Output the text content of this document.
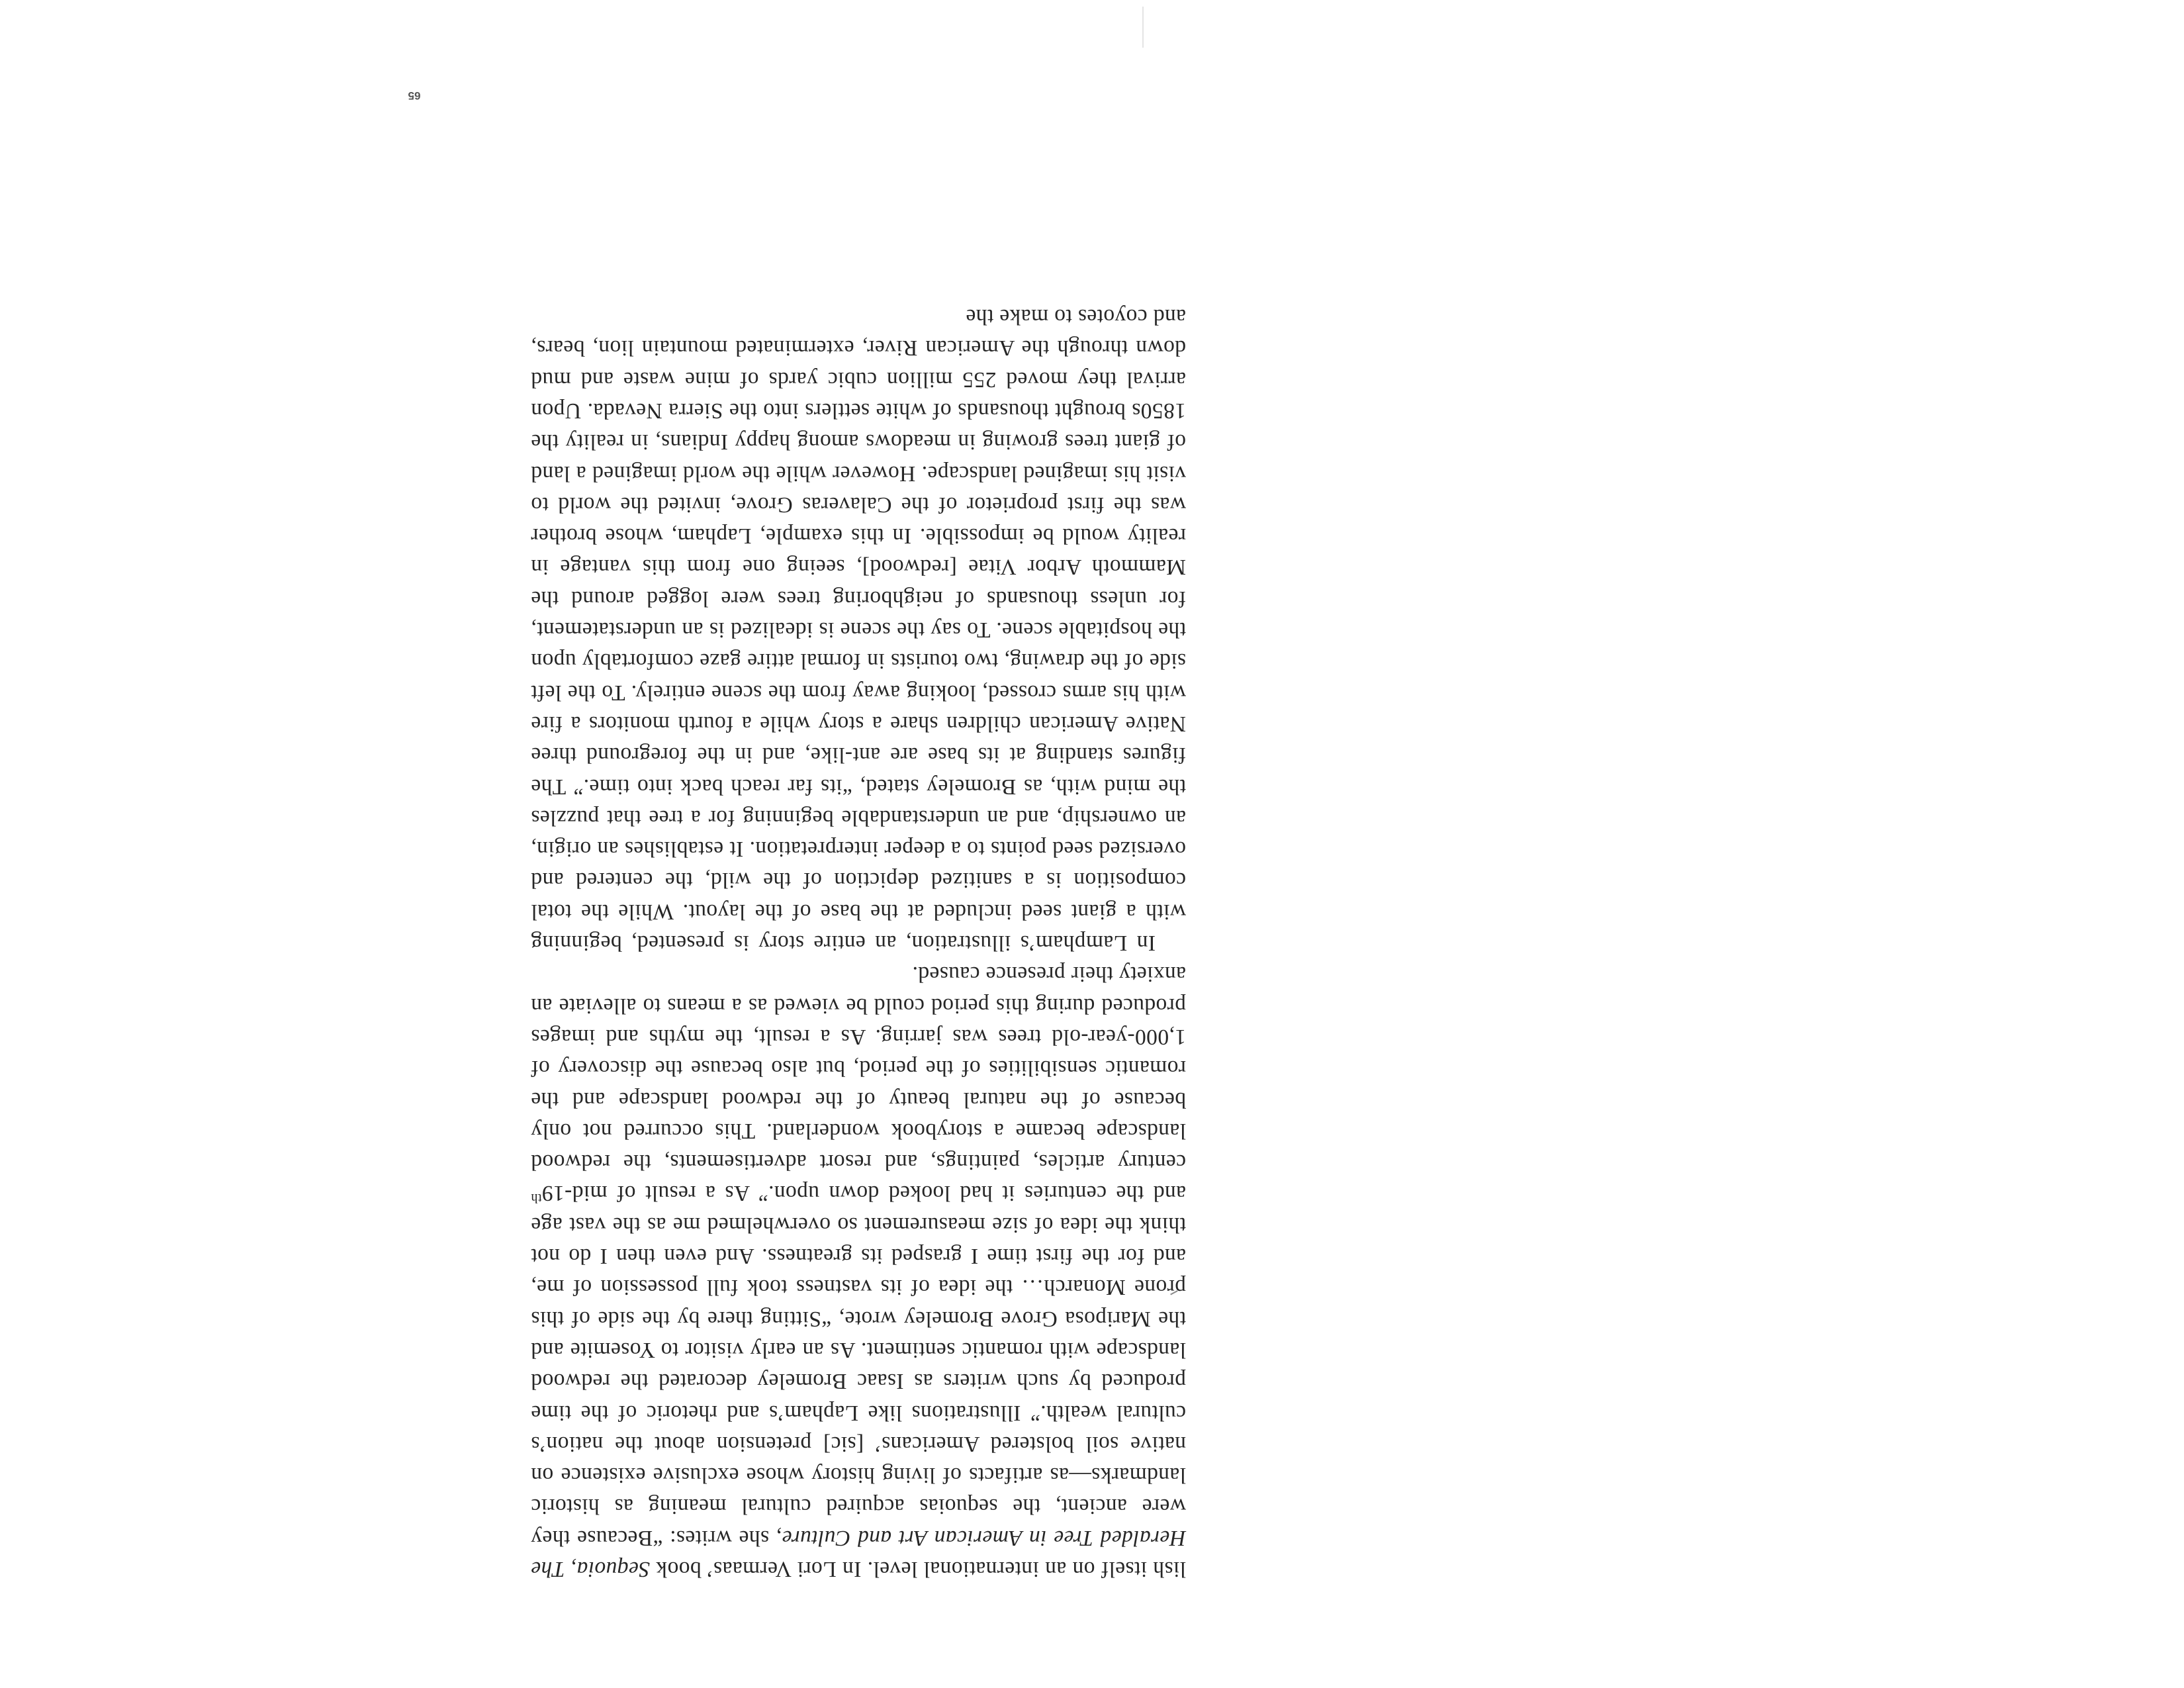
lish itself on an international level. In Lori Vermaas’ book Sequoia, The Heralded Tree in American Art and Culture, she writes: “Because they were ancient, the sequoias acquired cultural meaning as historic landmarks—as artifacts of living history whose exclusive existence on native soil bolstered Americans’ [sic] pretension about the nation’s cultural wealth.” Illustrations like Lapham’s and rhetoric of the time produced by such writers as Isaac Bromeley decorated the redwood landscape with romantic sentiment. As an early visitor to Yosemite and the Mariposa Grove Bromeley wrote, “Sitting there by the side of this prone Monarch… the idea of its vastness took full possession of me, and for the first time I grasped its greatness. And even then I do not think the idea of size measurement so overwhelmed me as the vast age and the centuries it had looked down upon.” As a result of mid-19th century articles, paintings, and resort advertisements, the redwood landscape became a storybook wonderland. This occurred not only because of the natural beauty of the redwood landscape and the romantic sensibilities of the period, but also because the discovery of 1,000-year-old trees was jarring. As a result, the myths and images produced during this period could be viewed as a means to alleviate an anxiety their presence caused.

In Lampham’s illustration, an entire story is presented, beginning with a giant seed included at the base of the layout. While the total composition is a sanitized depiction of the wild, the centered and oversized seed points to a deeper interpretation. It establishes an origin, an ownership, and an understandable beginning for a tree that puzzles the mind with, as Bromeley stated, “its far reach back into time.” The figures standing at its base are ant-like, and in the foreground three Native American children share a story while a fourth monitors a fire with his arms crossed, looking away from the scene entirely. To the left side of the drawing, two tourists in formal attire gaze comfortably upon the hospitable scene. To say the scene is idealized is an understatement, for unless thousands of neighboring trees were logged around the Mammoth Arbor Vitae [redwood], seeing one from this vantage in reality would be impossible. In this example, Lapham, whose brother was the first proprietor of the Calaveras Grove, invited the world to visit his imagined landscape. However while the world imagined a land of giant trees growing in meadows among happy Indians, in reality the 1850s brought thousands of white settlers into the Sierra Nevada. Upon arrival they moved 255 million cubic yards of mine waste and mud down through the American River, exterminated mountain lion, bears, and coyotes to make the

65
